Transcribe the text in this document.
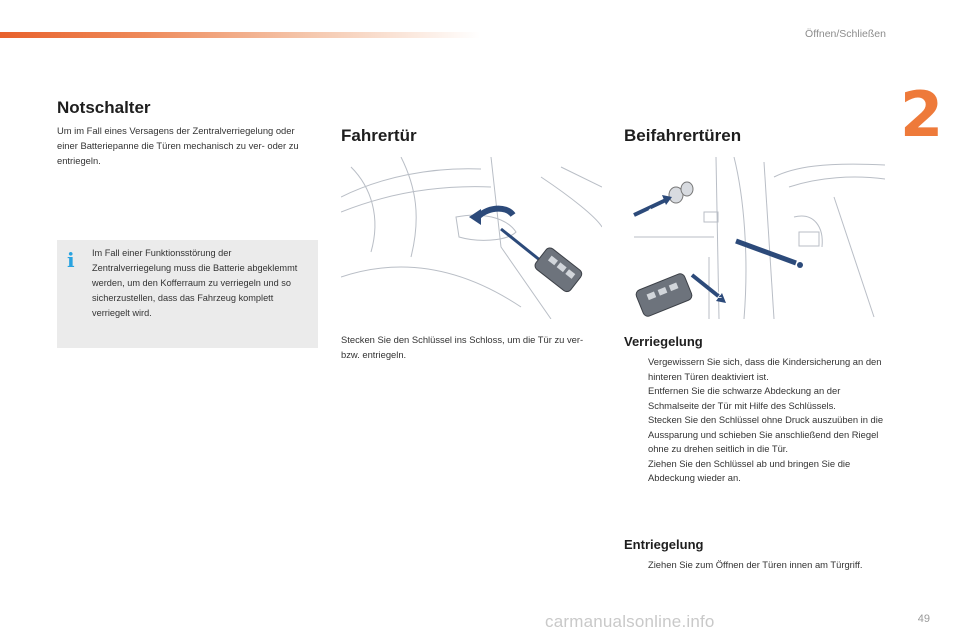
Öffnen/Schließen
2
Notschalter
Um im Fall eines Versagens der Zentralverriegelung oder einer Batteriepanne die Türen mechanisch zu ver- oder zu entriegeln.
i Im Fall einer Funktionsstörung der Zentralverriegelung muss die Batterie abgeklemmt werden, um den Kofferraum zu verriegeln und so sicherzustellen, dass das Fahrzeug komplett verriegelt wird.
Fahrertür
Stecken Sie den Schlüssel ins Schloss, um die Tür zu ver- bzw. entriegeln.
Beifahrertüren
1
2
Verriegelung
Vergewissern Sie sich, dass die Kindersicherung an den hinteren Türen deaktiviert ist.
Entfernen Sie die schwarze Abdeckung an der Schmalseite der Tür mit Hilfe des Schlüssels.
Stecken Sie den Schlüssel ohne Druck auszuüben in die Aussparung und schieben Sie anschließend den Riegel ohne zu drehen seitlich in die Tür.
Ziehen Sie den Schlüssel ab und bringen Sie die Abdeckung wieder an.
Entriegelung
Ziehen Sie zum Öffnen der Türen innen am Türgriff.
carmanualsonline.info	49
